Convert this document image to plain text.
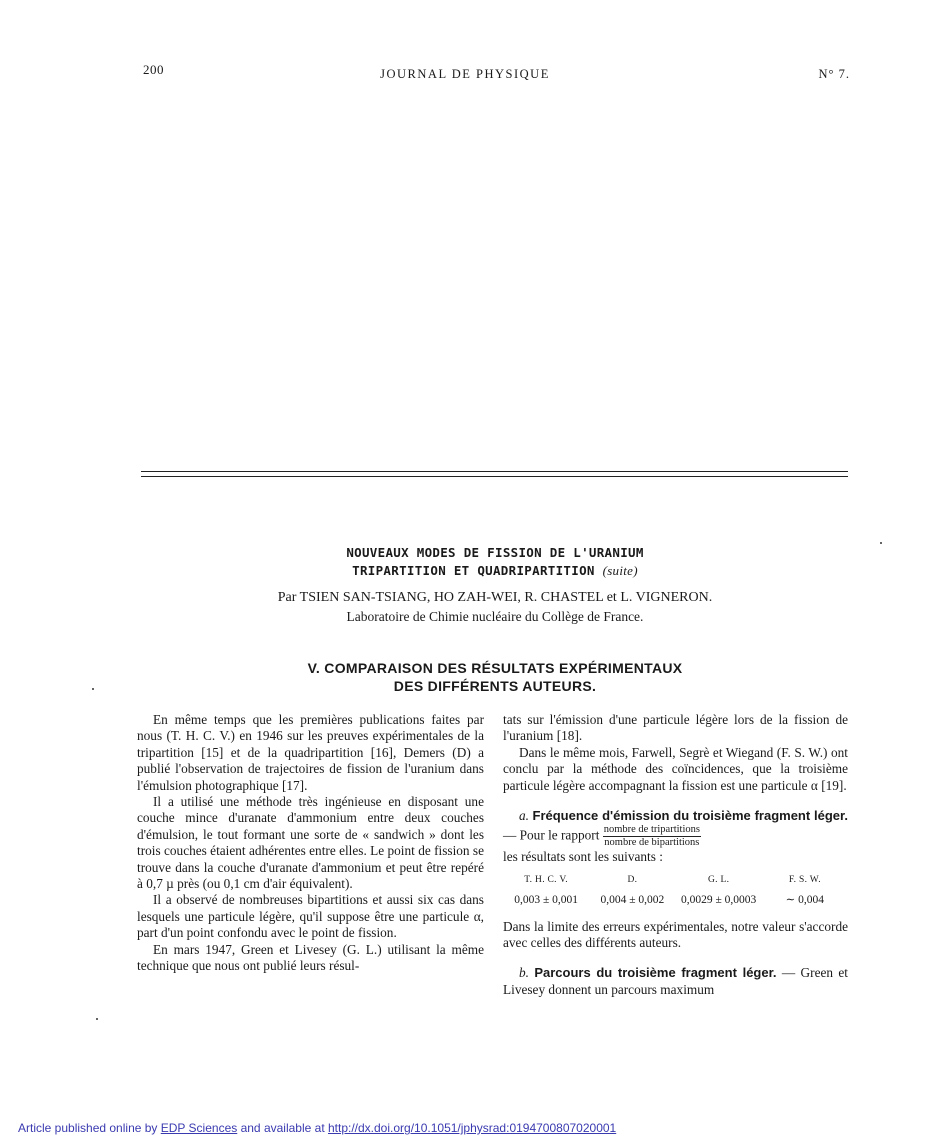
200	JOURNAL DE PHYSIQUE	N° 7.
NOUVEAUX MODES DE FISSION DE L'URANIUM
TRIPARTITION ET QUADRIPARTITION (suite)
Par TSIEN SAN-TSIANG, HO ZAH-WEI, R. CHASTEL et L. VIGNERON.
Laboratoire de Chimie nucléaire du Collège de France.
V. COMPARAISON DES RÉSULTATS EXPÉRIMENTAUX
DES DIFFÉRENTS AUTEURS.

En même temps que les premières publications faites par nous (T. H. C. V.) en 1946 sur les preuves expérimentales de la tripartition [15] et de la quadripartition [16], Demers (D) a publié l'observation de trajectoires de fission de l'uranium dans l'émulsion photographique [17].

Il a utilisé une méthode très ingénieuse en disposant une couche mince d'uranate d'ammonium entre deux couches d'émulsion, le tout formant une sorte de « sandwich » dont les trois couches étaient adhérentes entre elles. Le point de fission se trouve dans la couche d'uranate d'ammonium et peut être repéré à 0,7 µ près (ou 0,1 cm d'air équivalent).

Il a observé de nombreuses bipartitions et aussi six cas dans lesquels une particule légère, qu'il suppose être une particule α, part d'un point confondu avec le point de fission.

En mars 1947, Green et Livesey (G. L.) utilisant la même technique que nous ont publié leurs résul-

tats sur l'émission d'une particule légère lors de la fission de l'uranium [18].

Dans le même mois, Farwell, Segrè et Wiegand (F. S. W.) ont conclu par la méthode des coïncidences, que la troisième particule légère accompagnant la fission est une particule α [19].

a. Fréquence d'émission du troisième fragment léger. — Pour le rapport $\frac{\text{nombre de tripartitions}}{\text{nombre de bipartitions}}$

les résultats sont les suivants :

T. H. C. V.	D.	G. L.	F. S. W.
0,003 ± 0,001	0,004 ± 0,002	0,0029 ± 0,0003	∼ 0,004

Dans la limite des erreurs expérimentales, notre valeur s'accorde avec celles des différents auteurs.

b. Parcours du troisième fragment léger. — Green et Livesey donnent un parcours maximum

Article published online by EDP Sciences and available at http://dx.doi.org/10.1051/jphysrad:0194700807020001
